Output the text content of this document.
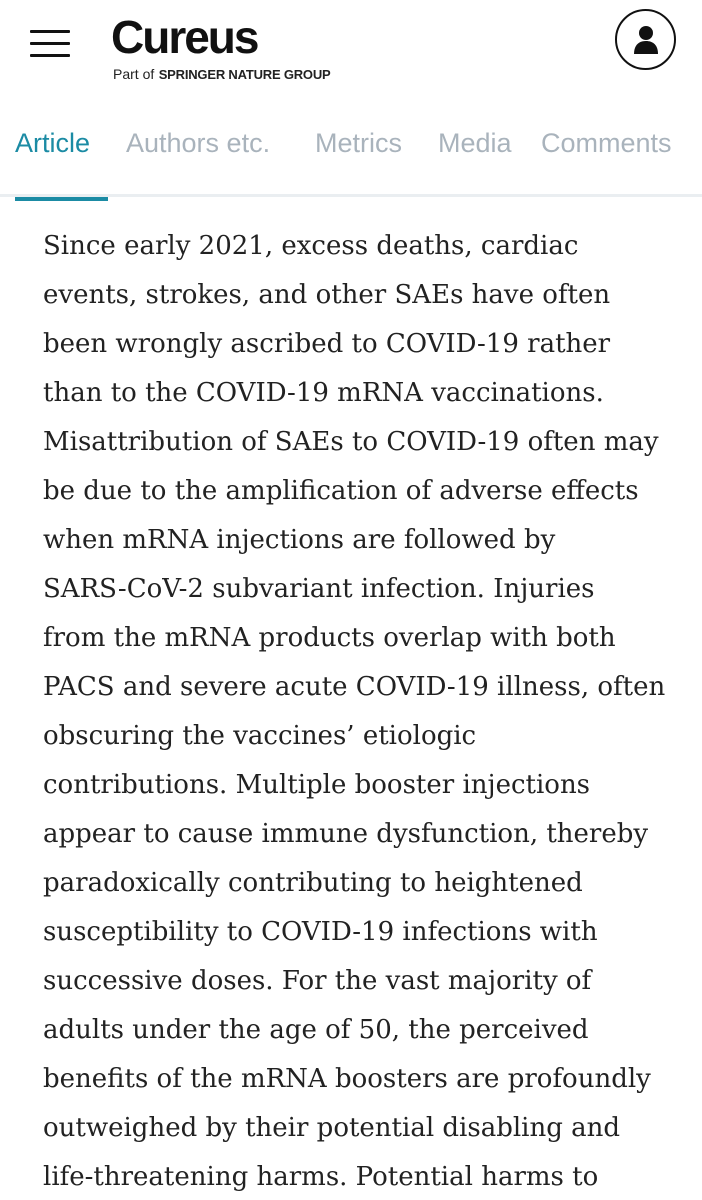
Cureus
Part of SPRINGER NATURE GROUP
Article Authors etc. Metrics Media Comments
Since early 2021, excess deaths, cardiac
events, strokes, and other SAEs have often
been wrongly ascribed to COVID-19 rather
than to the COVID-19 mRNA vaccinations.
Misattribution of SAEs to COVID-19 often may
be due to the amplification of adverse effects
when mRNA injections are followed by
SARS-CoV-2 subvariant infection. Injuries
from the mRNA products overlap with both
PACS and severe acute COVID-19 illness, often
obscuring the vaccines’ etiologic
contributions. Multiple booster injections
appear to cause immune dysfunction, thereby
paradoxically contributing to heightened
susceptibility to COVID-19 infections with
successive doses. For the vast majority of
adults under the age of 50, the perceived
benefits of the mRNA boosters are profoundly
outweighed by their potential disabling and
life-threatening harms. Potential harms to
